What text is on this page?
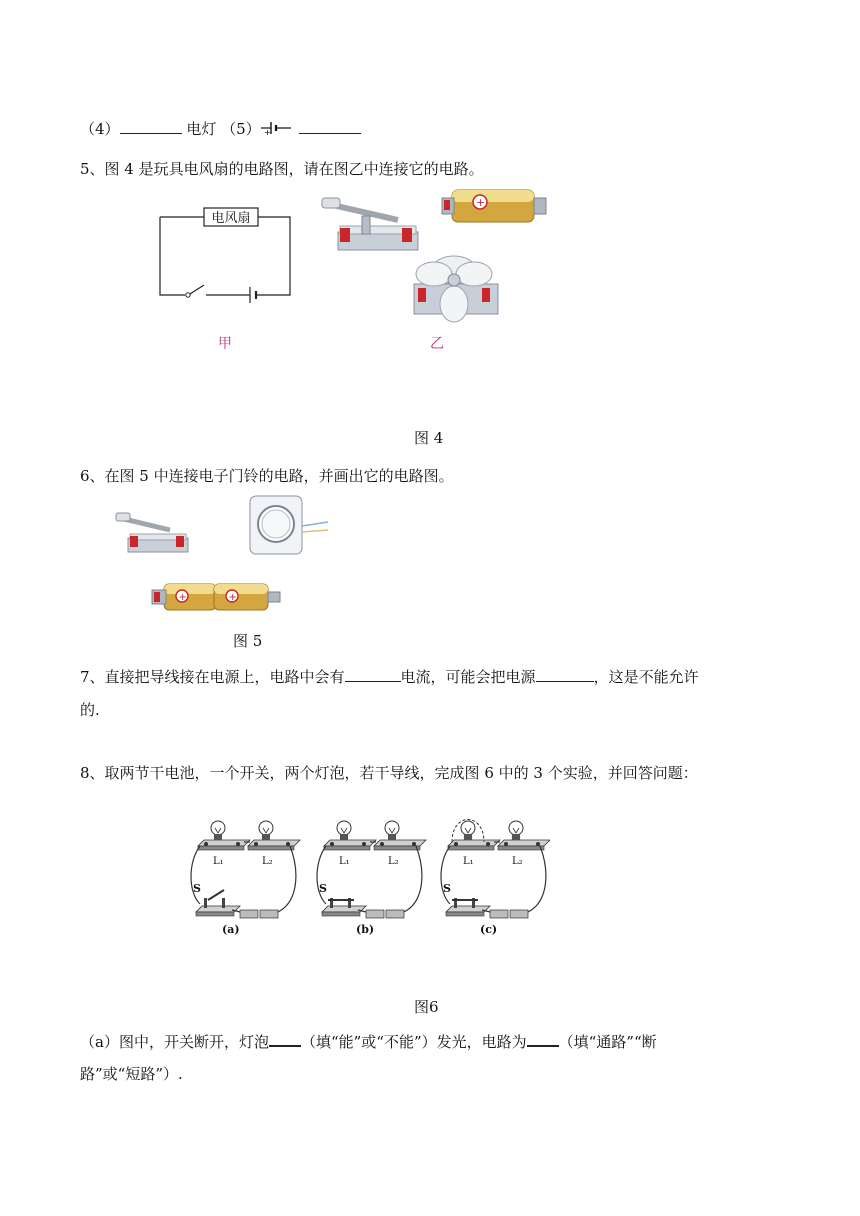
（4）	电灯 （5） +
5、图 4 是玩具电风扇的电路图，请在图乙中连接它的电路。
电风扇
甲
+
乙
图 4
6、在图 5 中连接电子门铃的电路，并画出它的电路图。
+	+
图 5
7、直接把导线接在电源上，电路中会有	电流，可能会把电源	，这是不能允许
的.
8、取两节干电池，一个开关，两个灯泡，若干导线，完成图 6 中的 3 个实验，并回答问题：
L₁	L₂	L₁	L₂	L₁	L₂
S	S	S
(a)	(b)	(c)
图6
（a）图中，开关断开，灯泡 （填“能”或“不能”）发光，电路为 （填“通路”“断
路”或“短路”）.
